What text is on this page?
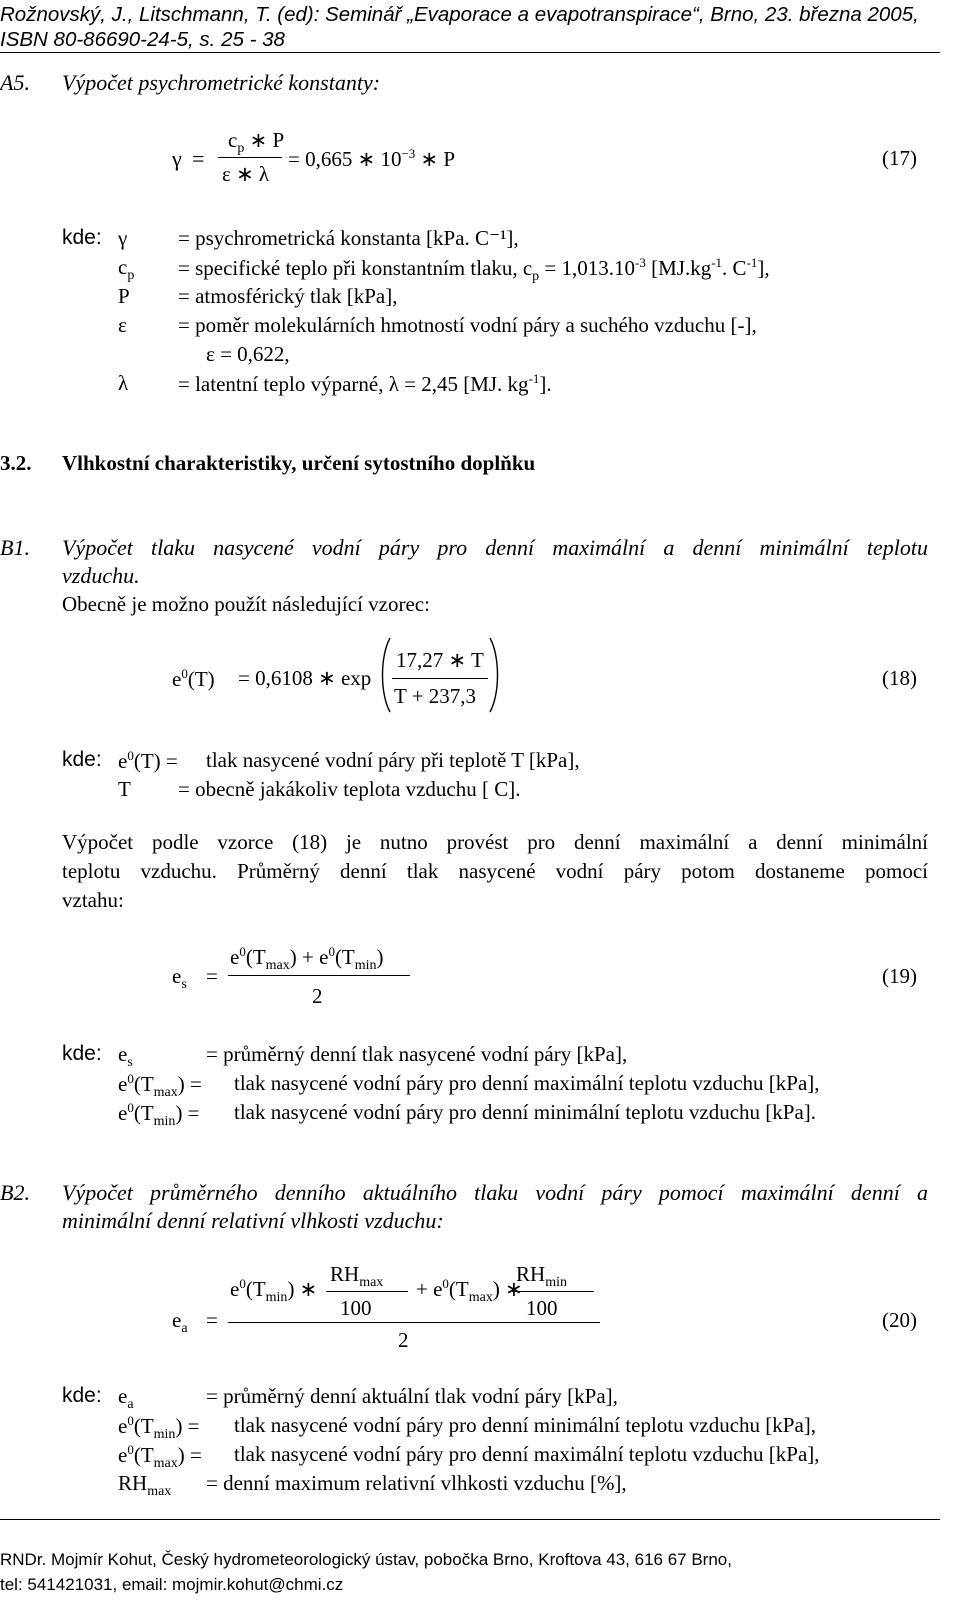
Rožnovský, J., Litschmann, T. (ed): Seminář „Evaporace a evapotranspirace“, Brno, 23. března 2005,
ISBN 80-86690-24-5, s. 25 - 38
A5. Výpočet psychrometrické konstanty:
γ =
$c_p$ ∗ P
ε ∗ λ
= 0,665 ∗ $10^{-3}$ ∗ P	(17)
kde: γ = psychrometrická konstanta [kPa. C⁻¹],
$c_p$ = specifické teplo při konstantním tlaku, $c_p = 1,013.10^{-3}$ [$MJ.kg^{-1}$. $C^{-1}$],
P = atmosférický tlak [kPa],
ε = poměr molekulárních hmotností vodní páry a suchého vzduchu [-],
ε = 0,622,
λ = latentní teplo výparné, λ = 2,45 [MJ. $kg^{-1}$].
3.2. Vlhkostní charakteristiky, určení sytostního doplňku
B1. Výpočet tlaku nasycené vodní páry pro denní maximální a denní minimální teplotu
vzduchu.
Obecně je možno použít následující vzorec:
$e^0(T) = 0,6108$ ∗ exp
17,27 ∗ T
T + 237,3
(18)
kde: $e^0(T)$ = tlak nasycené vodní páry při teplotě T [kPa],
T = obecně jakákoliv teplota vzduchu [ C].
Výpočet podle vzorce (18) je nutno provést pro denní maximální a denní minimální
teplotu vzduchu. Průměrný denní tlak nasycené vodní páry potom dostaneme pomocí
vztahu:
$e_s$ =
$e^0(T_{max}) + e^0(T_{min})$
2
(19)
kde: $e_s$	= průměrný denní tlak nasycené vodní páry [kPa],
$e^0(T_{max})$ = tlak nasycené vodní páry pro denní maximální teplotu vzduchu [kPa],
$e^0(T_{min})$ = tlak nasycené vodní páry pro denní minimální teplotu vzduchu [kPa].
B2. Výpočet průměrného denního aktuálního tlaku vodní páry pomocí maximální denní a
minimální denní relativní vlhkosti vzduchu:
$e_a$ =
$e^0(T_{min})$ ∗
$RH_{max}$
100
+ $e^0(T_{max})$ ∗
$RH_{min}$
100
2
(20)
kde: $e_a$	= průměrný denní aktuální tlak vodní páry [kPa],
$e^0(T_{min})$ = tlak nasycené vodní páry pro denní minimální teplotu vzduchu [kPa],
$e^0(T_{max})$ = tlak nasycené vodní páry pro denní maximální teplotu vzduchu [kPa],
$RH_{max}$ = denní maximum relativní vlhkosti vzduchu [%],
RNDr. Mojmír Kohut, Český hydrometeorologický ústav, pobočka Brno, Kroftova 43, 616 67 Brno,
tel: 541421031, email: mojmir.kohut@chmi.cz
